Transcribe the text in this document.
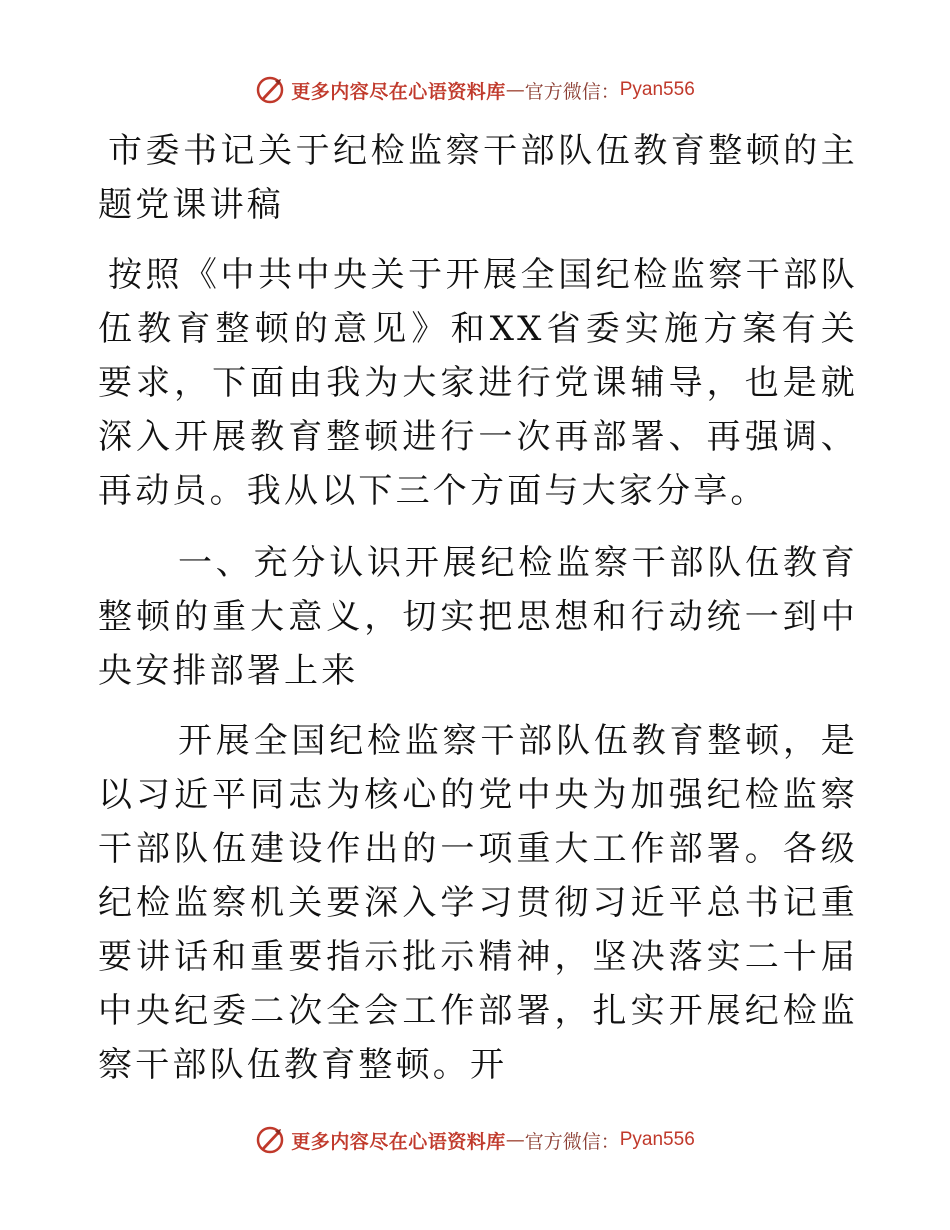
更多内容尽在心语资料库 — 官方微信： Pyan556

市委书记关于纪检监察干部队伍教育整顿的主题党课讲稿

按照《中共中央关于开展全国纪检监察干部队伍教育整顿的意见》和XX省委实施方案有关要求，下面由我为大家进行党课辅导，也是就深入开展教育整顿进行一次再部署、再强调、再动员。我从以下三个方面与大家分享。

一、充分认识开展纪检监察干部队伍教育整顿的重大意义，切实把思想和行动统一到中央安排部署上来

开展全国纪检监察干部队伍教育整顿，是以习近平同志为核心的党中央为加强纪检监察干部队伍建设作出的一项重大工作部署。各级纪检监察机关要深入学习贯彻习近平总书记重要讲话和重要指示批示精神，坚决落实二十届中央纪委二次全会工作部署，扎实开展纪检监察干部队伍教育整顿。开

更多内容尽在心语资料库 — 官方微信： Pyan556
